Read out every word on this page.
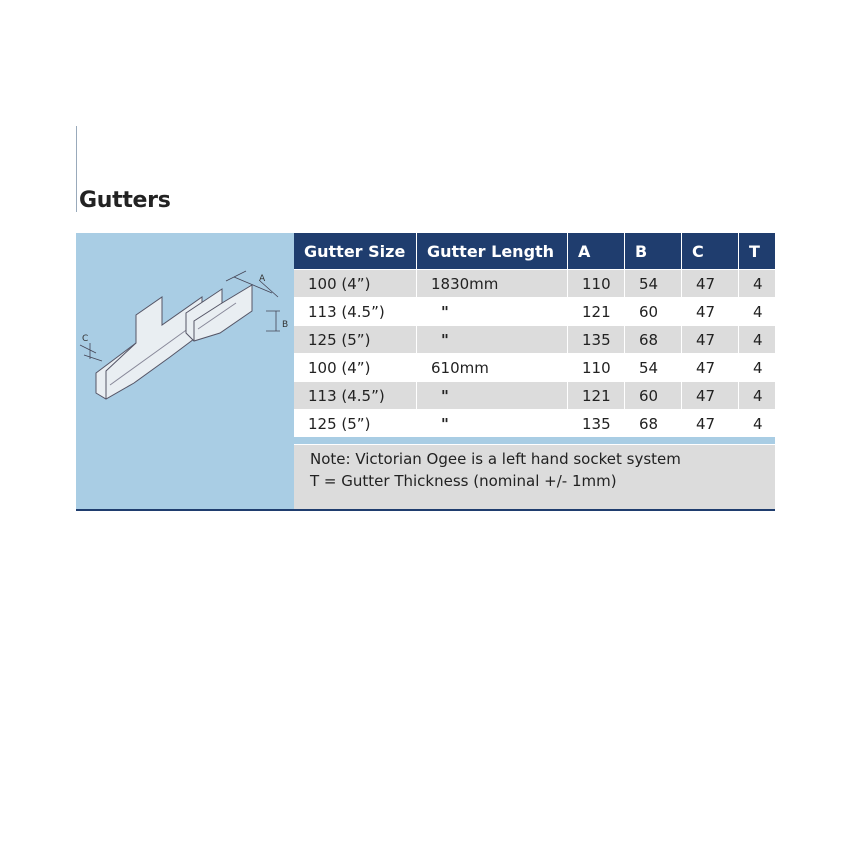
Gutters
A
B
C
Gutter Size	Gutter Length	A	B	C	T
100 (4”)	1830mm	110	54	47	4
113 (4.5”)	"	121	60	47	4
125 (5”)	"	135	68	47	4
100 (4”)	610mm	110	54	47	4
113 (4.5”)	"	121	60	47	4
125 (5”)	"	135	68	47	4
Note: Victorian Ogee is a left hand socket system
T = Gutter Thickness (nominal +/- 1mm)
